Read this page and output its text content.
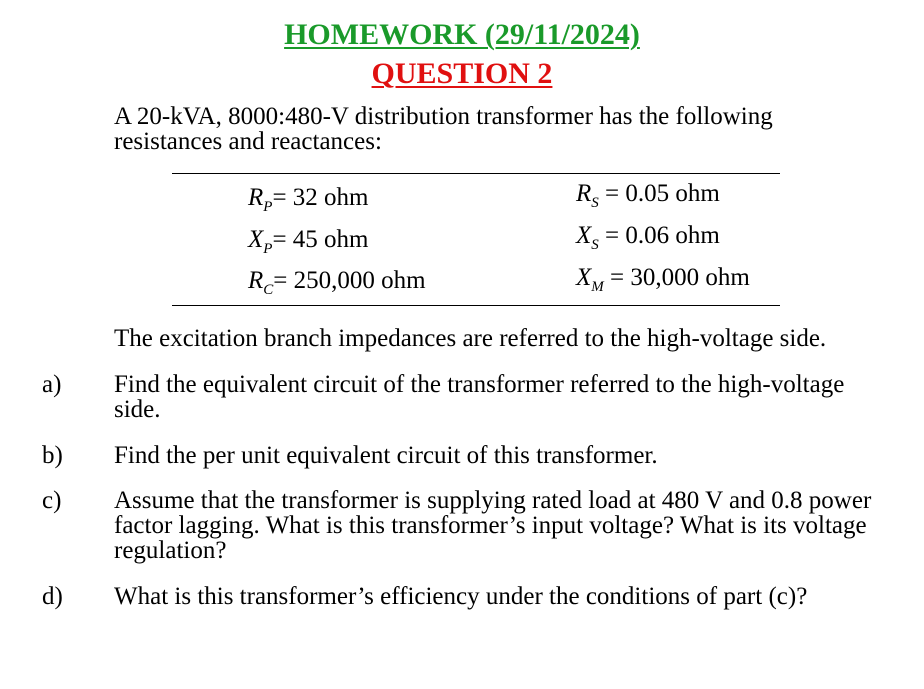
HOMEWORK (29/11/2024)
QUESTION 2
A 20-kVA, 8000:480-V distribution transformer has the following resistances and reactances:
$R_P= 32$ ohm
$X_P= 45$ ohm
$R_C= 250,000$ ohm
$R_S = 0.05$ ohm
$X_S = 0.06$ ohm
$X_M = 30,000$ ohm
The excitation branch impedances are referred to the high-voltage side.
a) Find the equivalent circuit of the transformer referred to the high-voltage side.
b) Find the per unit equivalent circuit of this transformer.
c) Assume that the transformer is supplying rated load at 480 V and 0.8 power factor lagging. What is this transformer’s input voltage? What is its voltage regulation?
d) What is this transformer’s efficiency under the conditions of part (c)?
